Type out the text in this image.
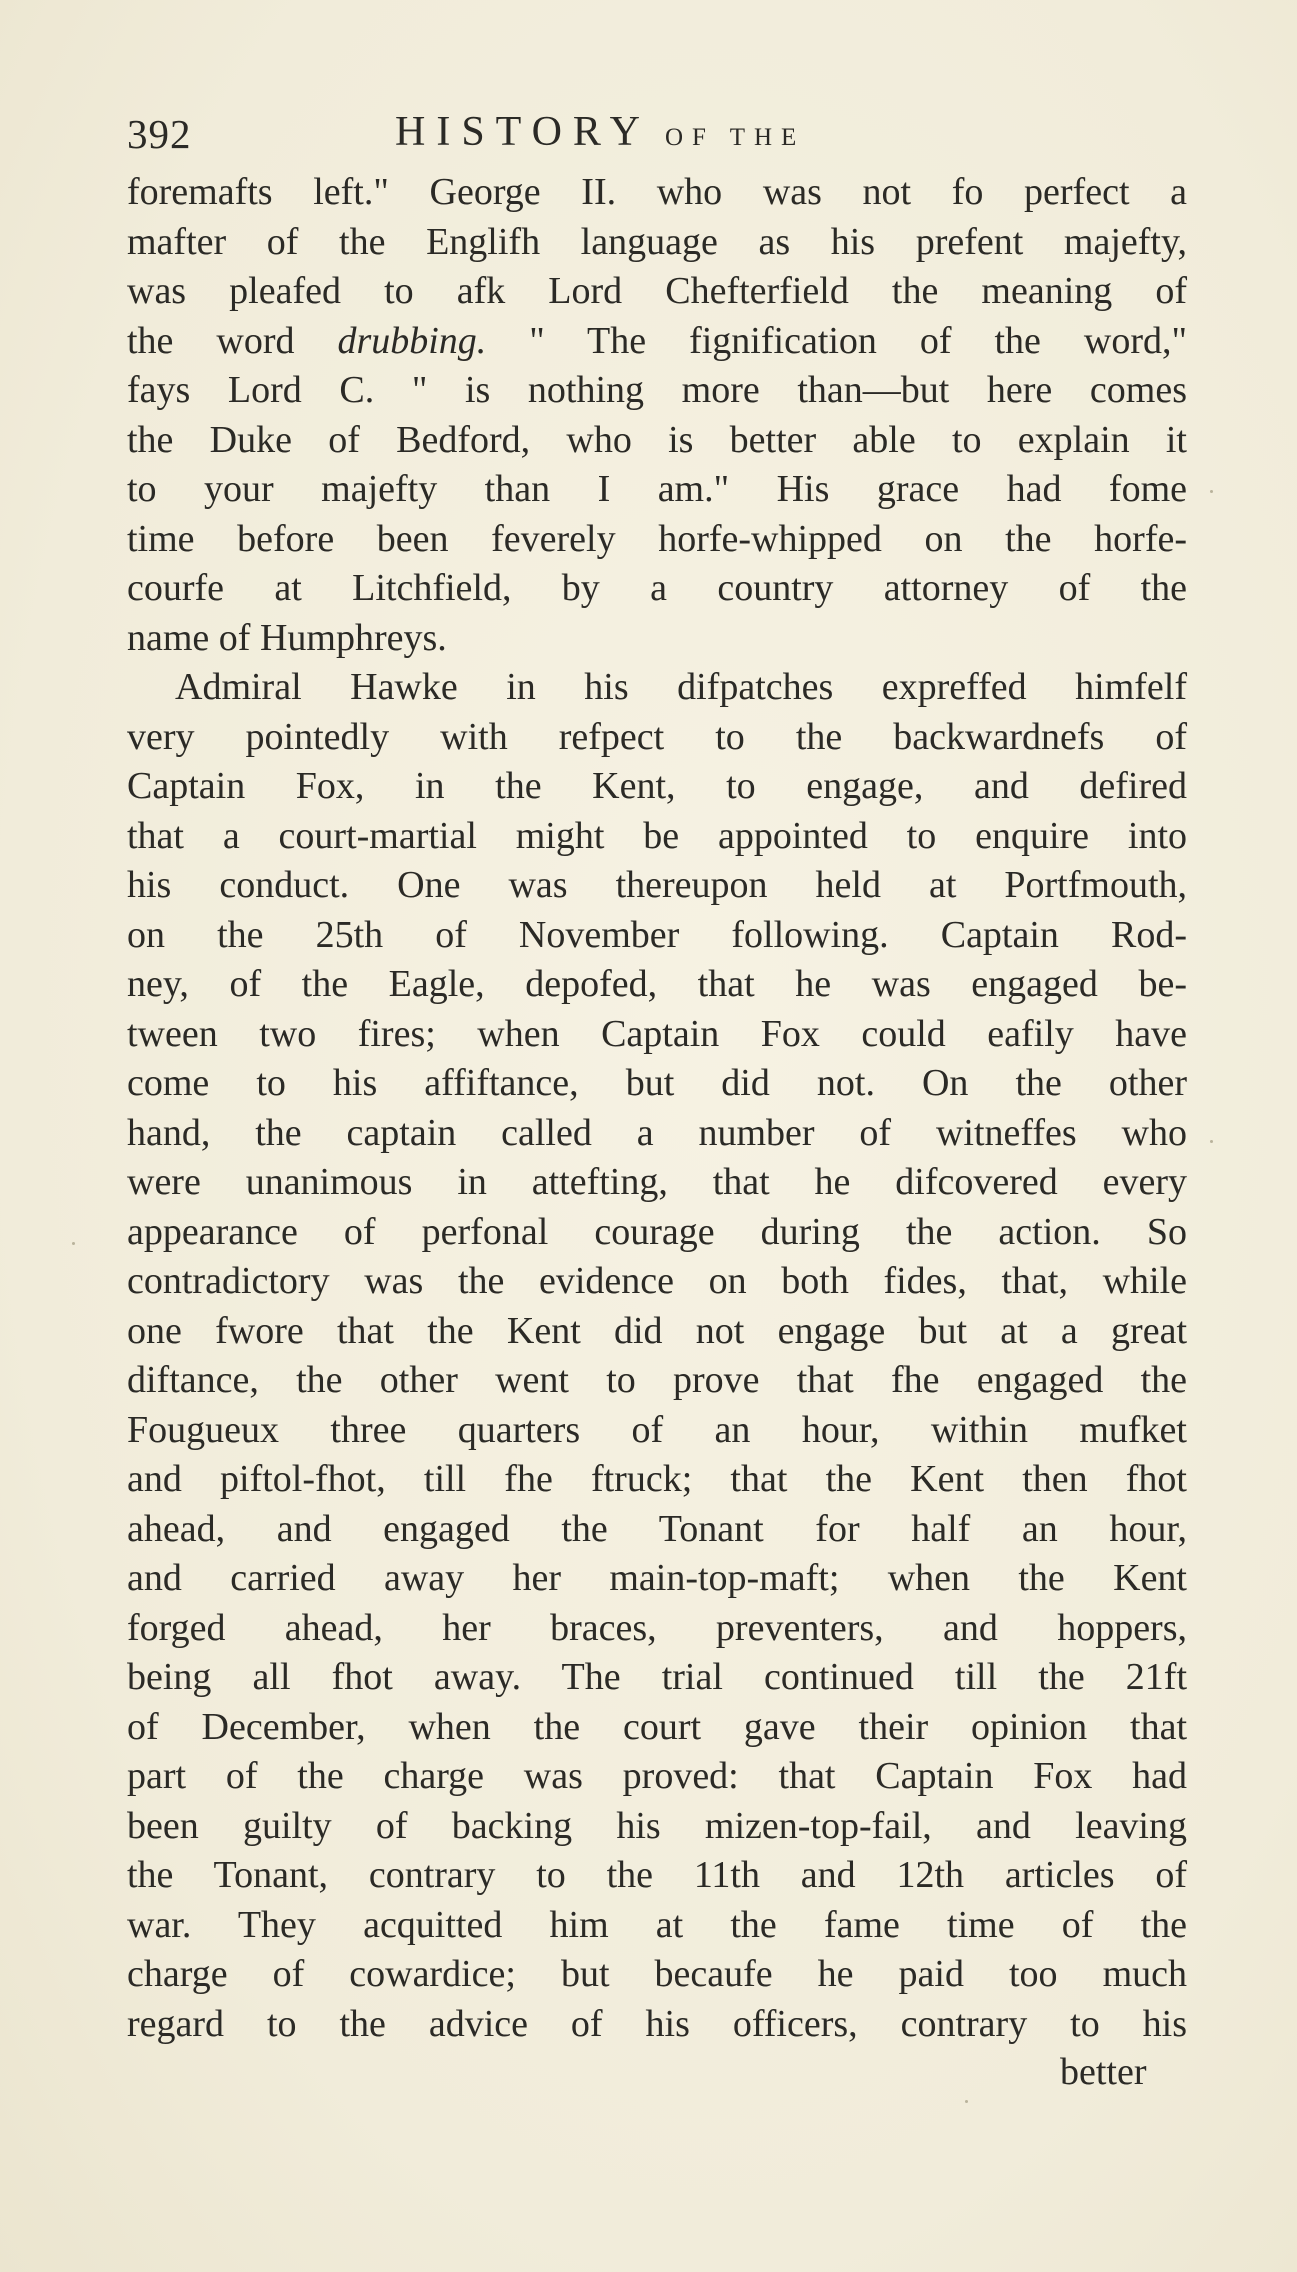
392	HISTORY OF THE
foremafts left." George II. who was not fo perfect a
mafter of the Englifh language as his prefent majefty,
was pleafed to afk Lord Chefterfield the meaning of
the word drubbing. " The fignification of the word,"
fays Lord C. " is nothing more than—but here comes
the Duke of Bedford, who is better able to explain it
to your majefty than I am." His grace had fome
time before been feverely horfe-whipped on the horfe-
courfe at Litchfield, by a country attorney of the
name of Humphreys.
Admiral Hawke in his difpatches expreffed himfelf
very pointedly with refpect to the backwardnefs of
Captain Fox, in the Kent, to engage, and defired
that a court-martial might be appointed to enquire into
his conduct. One was thereupon held at Portfmouth,
on the 25th of November following. Captain Rod-
ney, of the Eagle, depofed, that he was engaged be-
tween two fires; when Captain Fox could eafily have
come to his affiftance, but did not. On the other
hand, the captain called a number of witneffes who
were unanimous in attefting, that he difcovered every
appearance of perfonal courage during the action. So
contradictory was the evidence on both fides, that, while
one fwore that the Kent did not engage but at a great
diftance, the other went to prove that fhe engaged the
Fougueux three quarters of an hour, within mufket
and piftol-fhot, till fhe ftruck; that the Kent then fhot
ahead, and engaged the Tonant for half an hour,
and carried away her main-top-maft; when the Kent
forged ahead, her braces, preventers, and hoppers,
being all fhot away. The trial continued till the 21ft
of December, when the court gave their opinion that
part of the charge was proved: that Captain Fox had
been guilty of backing his mizen-top-fail, and leaving
the Tonant, contrary to the 11th and 12th articles of
war. They acquitted him at the fame time of the
charge of cowardice; but becaufe he paid too much
regard to the advice of his officers, contrary to his
better
